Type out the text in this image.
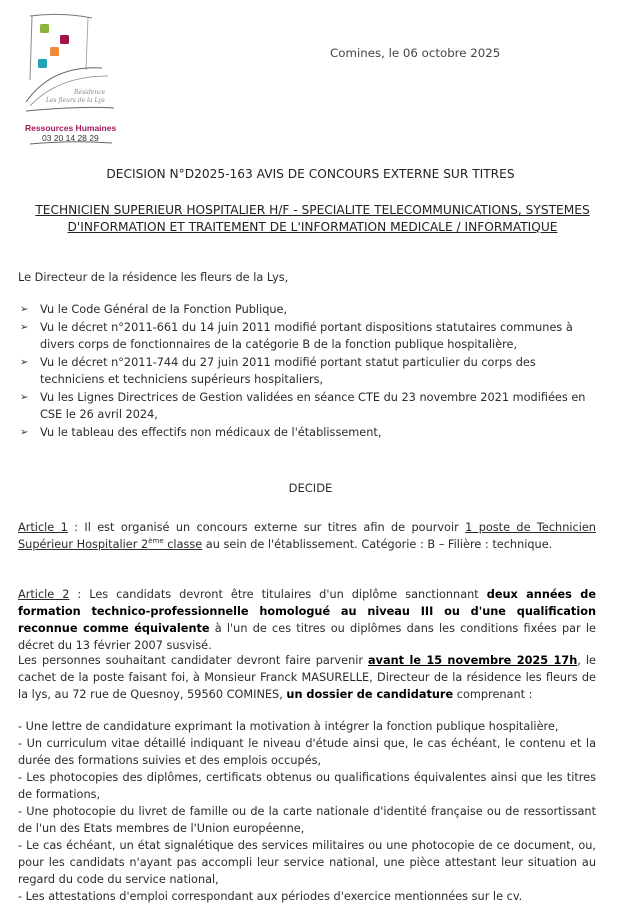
Résidence
Les fleurs de la Lys
Ressources Humaines
03 20 14 28 29
Comines, le 06 octobre 2025
DECISION N°D2025-163 AVIS DE CONCOURS EXTERNE SUR TITRES
TECHNICIEN SUPERIEUR HOSPITALIER H/F - SPECIALITE TELECOMMUNICATIONS, SYSTEMES
D'INFORMATION ET TRAITEMENT DE L'INFORMATION MEDICALE / INFORMATIQUE
Le Directeur de la résidence les fleurs de la Lys,
➢ Vu le Code Général de la Fonction Publique,
➢ Vu le décret n°2011-661 du 14 juin 2011 modifié portant dispositions statutaires communes à divers corps de fonctionnaires de la catégorie B de la fonction publique hospitalière,
➢ Vu le décret n°2011-744 du 27 juin 2011 modifié portant statut particulier du corps des techniciens et techniciens supérieurs hospitaliers,
➢ Vu les Lignes Directrices de Gestion validées en séance CTE du 23 novembre 2021 modifiées en CSE le 26 avril 2024,
➢ Vu le tableau des effectifs non médicaux de l'établissement,
DECIDE
Article 1 : Il est organisé un concours externe sur titres afin de pourvoir 1 poste de Technicien Supérieur Hospitalier 2ème classe au sein de l'établissement. Catégorie : B – Filière : technique.
Article 2 : Les candidats devront être titulaires d'un diplôme sanctionnant deux années de formation technico-professionnelle homologué au niveau III ou d'une qualification reconnue comme équivalente à l'un de ces titres ou diplômes dans les conditions fixées par le décret du 13 février 2007 susvisé.
Les personnes souhaitant candidater devront faire parvenir avant le 15 novembre 2025 17h, le cachet de la poste faisant foi, à Monsieur Franck MASURELLE, Directeur de la résidence les fleurs de la lys, au 72 rue de Quesnoy, 59560 COMINES, un dossier de candidature comprenant :
- Une lettre de candidature exprimant la motivation à intégrer la fonction publique hospitalière,
- Un curriculum vitae détaillé indiquant le niveau d'étude ainsi que, le cas échéant, le contenu et la durée des formations suivies et des emplois occupés,
- Les photocopies des diplômes, certificats obtenus ou qualifications équivalentes ainsi que les titres de formations,
- Une photocopie du livret de famille ou de la carte nationale d'identité française ou de ressortissant de l'un des Etats membres de l'Union européenne,
- Le cas échéant, un état signalétique des services militaires ou une photocopie de ce document, ou, pour les candidats n'ayant pas accompli leur service national, une pièce attestant leur situation au regard du code du service national,
- Les attestations d'emploi correspondant aux périodes d'exercice mentionnées sur le cv.
